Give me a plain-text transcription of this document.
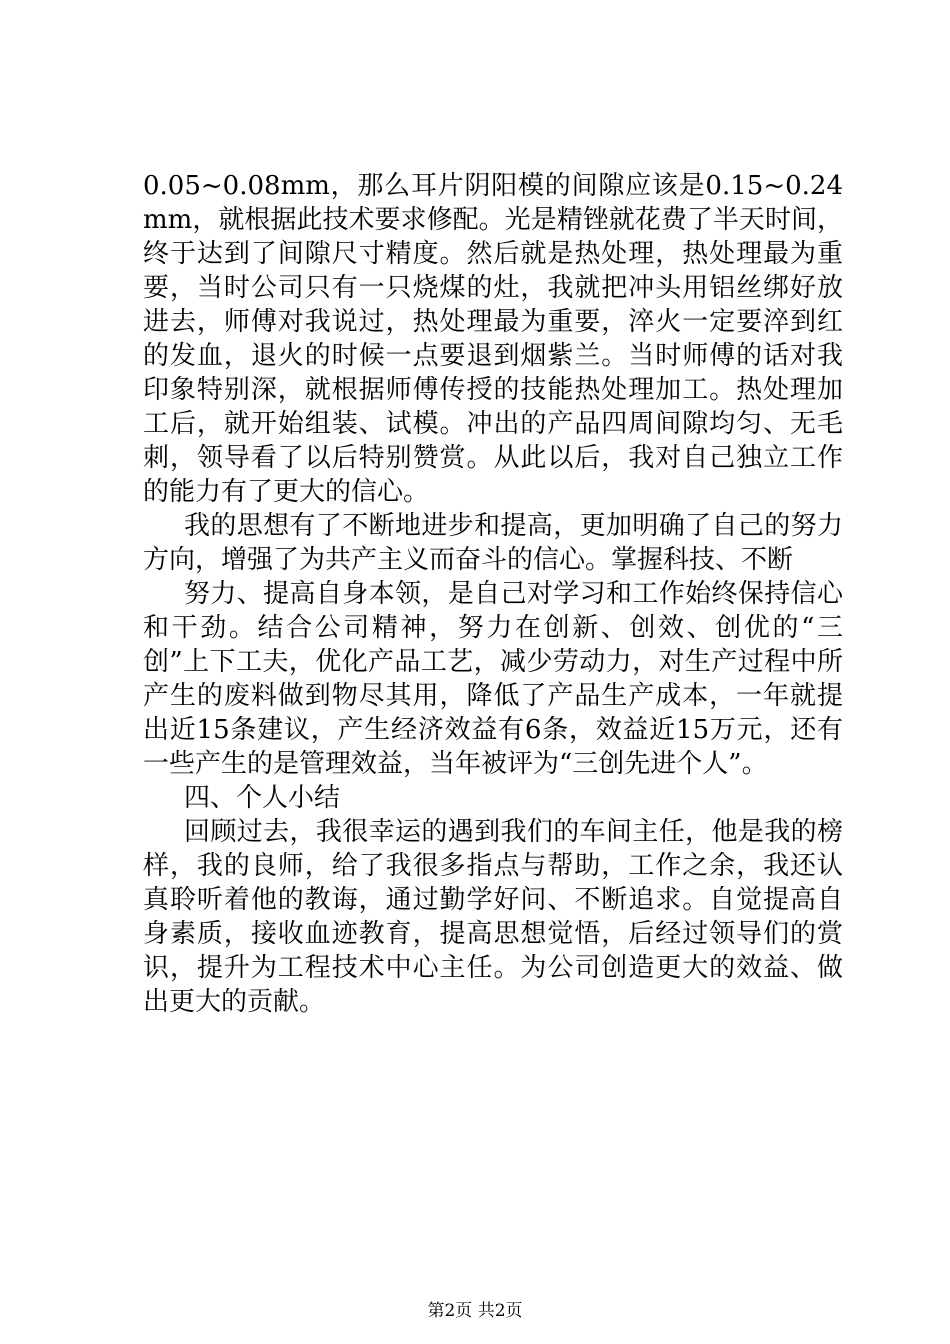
0.05~0.08mm，那么耳片阴阳模的间隙应该是0.15~0.24mm，就根据此技术要求修配。光是精锉就花费了半天时间，终于达到了间隙尺寸精度。然后就是热处理，热处理最为重要，当时公司只有一只烧煤的灶，我就把冲头用铝丝绑好放进去，师傅对我说过，热处理最为重要，淬火一定要淬到红的发血，退火的时候一点要退到烟紫兰。当时师傅的话对我印象特别深，就根据师傅传授的技能热处理加工。热处理加工后，就开始组装、试模。冲出的产品四周间隙均匀、无毛刺，领导看了以后特别赞赏。从此以后，我对自己独立工作的能力有了更大的信心。

我的思想有了不断地进步和提高，更加明确了自己的努力方向，增强了为共产主义而奋斗的信心。掌握科技、不断

努力、提高自身本领，是自己对学习和工作始终保持信心和干劲。结合公司精神，努力在创新、创效、创优的“三创”上下工夫，优化产品工艺，减少劳动力，对生产过程中所产生的废料做到物尽其用，降低了产品生产成本，一年就提出近15条建议，产生经济效益有6条，效益近15万元，还有一些产生的是管理效益，当年被评为“三创先进个人”。

四、个人小结

回顾过去，我很幸运的遇到我们的车间主任，他是我的榜样，我的良师，给了我很多指点与帮助，工作之余，我还认真聆听着他的教诲，通过勤学好问、不断追求。自觉提高自身素质，接收血迹教育，提高思想觉悟，后经过领导们的赏识，提升为工程技术中心主任。为公司创造更大的效益、做出更大的贡献。

第2页 共2页
